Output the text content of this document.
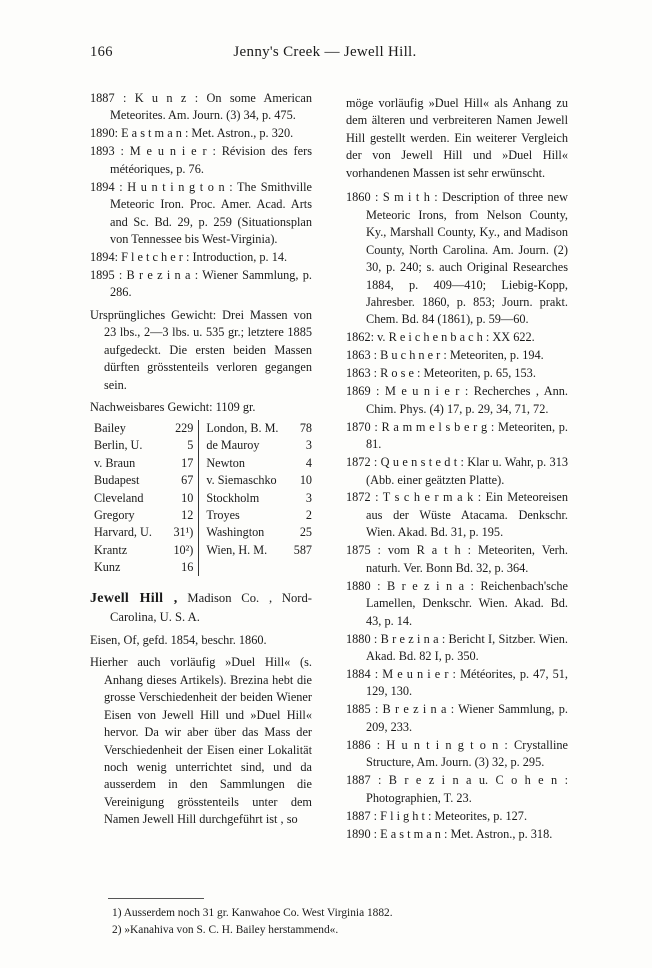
166	Jenny's Creek — Jewell Hill.

1887 : K u n z : On some American Meteorites. Am. Journ. (3) 34, p. 475.

1890: E a s t m a n : Met. Astron., p. 320.

1893 : M e u n i e r : Révision des fers météoriques, p. 76.

1894 : H u n t i n g t o n : The Smithville Meteoric Iron. Proc. Amer. Acad. Arts and Sc. Bd. 29, p. 259 (Situationsplan von Tennessee bis West-Virginia).

1894: F l e t c h e r : Introduction, p. 14.

1895 : B r e z i n a : Wiener Sammlung, p. 286.

Ursprüngliches Gewicht: Drei Massen von 23 lbs., 2—3 lbs. u. 535 gr.; letztere 1885 aufgedeckt. Die ersten beiden Massen dürften grösstenteils verloren gegangen sein.

Nachweisbares Gewicht: 1109 gr.

Bailey	229	London, B. M.	78
Berlin, U.	5	de Mauroy	3
v. Braun	17	Newton	4
Budapest	67	v. Siemaschko	10
Cleveland	10	Stockholm	3
Gregory	12	Troyes	2
Harvard, U.	31¹)	Washington	25
Krantz	10²)	Wien, H. M.	587
Kunz	16		

Jewell Hill , Madison Co. , Nord-Carolina, U. S. A.

Eisen, Of, gefd. 1854, beschr. 1860.

Hierher auch vorläufig »Duel Hill« (s. Anhang dieses Artikels). Brezina hebt die grosse Verschiedenheit der beiden Wiener Eisen von Jewell Hill und »Duel Hill« hervor. Da wir aber über das Mass der Verschiedenheit der Eisen einer Lokalität noch wenig unterrichtet sind, und da ausserdem in den Sammlungen die Vereinigung grösstenteils unter dem Namen Jewell Hill durchgeführt ist , so

möge vorläufig »Duel Hill« als Anhang zu dem älteren und verbreiteren Namen Jewell Hill gestellt werden. Ein weiterer Vergleich der von Jewell Hill und »Duel Hill« vorhandenen Massen ist sehr erwünscht.

1860 : S m i t h : Description of three new Meteoric Irons, from Nelson County, Ky., Marshall County, Ky., and Madison County, North Carolina. Am. Journ. (2) 30, p. 240; s. auch Original Researches 1884, p. 409—410; Liebig-Kopp, Jahresber. 1860, p. 853; Journ. prakt. Chem. Bd. 84 (1861), p. 59—60.

1862: v. R e i c h e n b a c h : XX 622.

1863 : B u c h n e r : Meteoriten, p. 194.

1863 : R o s e : Meteoriten, p. 65, 153.

1869 : M e u n i e r : Recherches , Ann. Chim. Phys. (4) 17, p. 29, 34, 71, 72.

1870 : R a m m e l s b e r g : Meteoriten, p. 81.

1872 : Q u e n s t e d t : Klar u. Wahr, p. 313 (Abb. einer geätzten Platte).

1872 : T s c h e r m a k : Ein Meteoreisen aus der Wüste Atacama. Denkschr. Wien. Akad. Bd. 31, p. 195.

1875 : vom R a t h : Meteoriten, Verh. naturh. Ver. Bonn Bd. 32, p. 364.

1880 : B r e z i n a : Reichenbach'sche Lamellen, Denkschr. Wien. Akad. Bd. 43, p. 14.

1880 : B r e z i n a : Bericht I, Sitzber. Wien. Akad. Bd. 82 I, p. 350.

1884 : M e u n i e r : Météorites, p. 47, 51, 129, 130.

1885 : B r e z i n a : Wiener Sammlung, p. 209, 233.

1886 : H u n t i n g t o n : Crystalline Structure, Am. Journ. (3) 32, p. 295.

1887 : B r e z i n a u. C o h e n : Photographien, T. 23.

1887 : F l i g h t : Meteorites, p. 127.

1890 : E a s t m a n : Met. Astron., p. 318.

1) Ausserdem noch 31 gr. Kanwahoe Co. West Virginia 1882.

2) »Kanahiva von S. C. H. Bailey herstammend«.
